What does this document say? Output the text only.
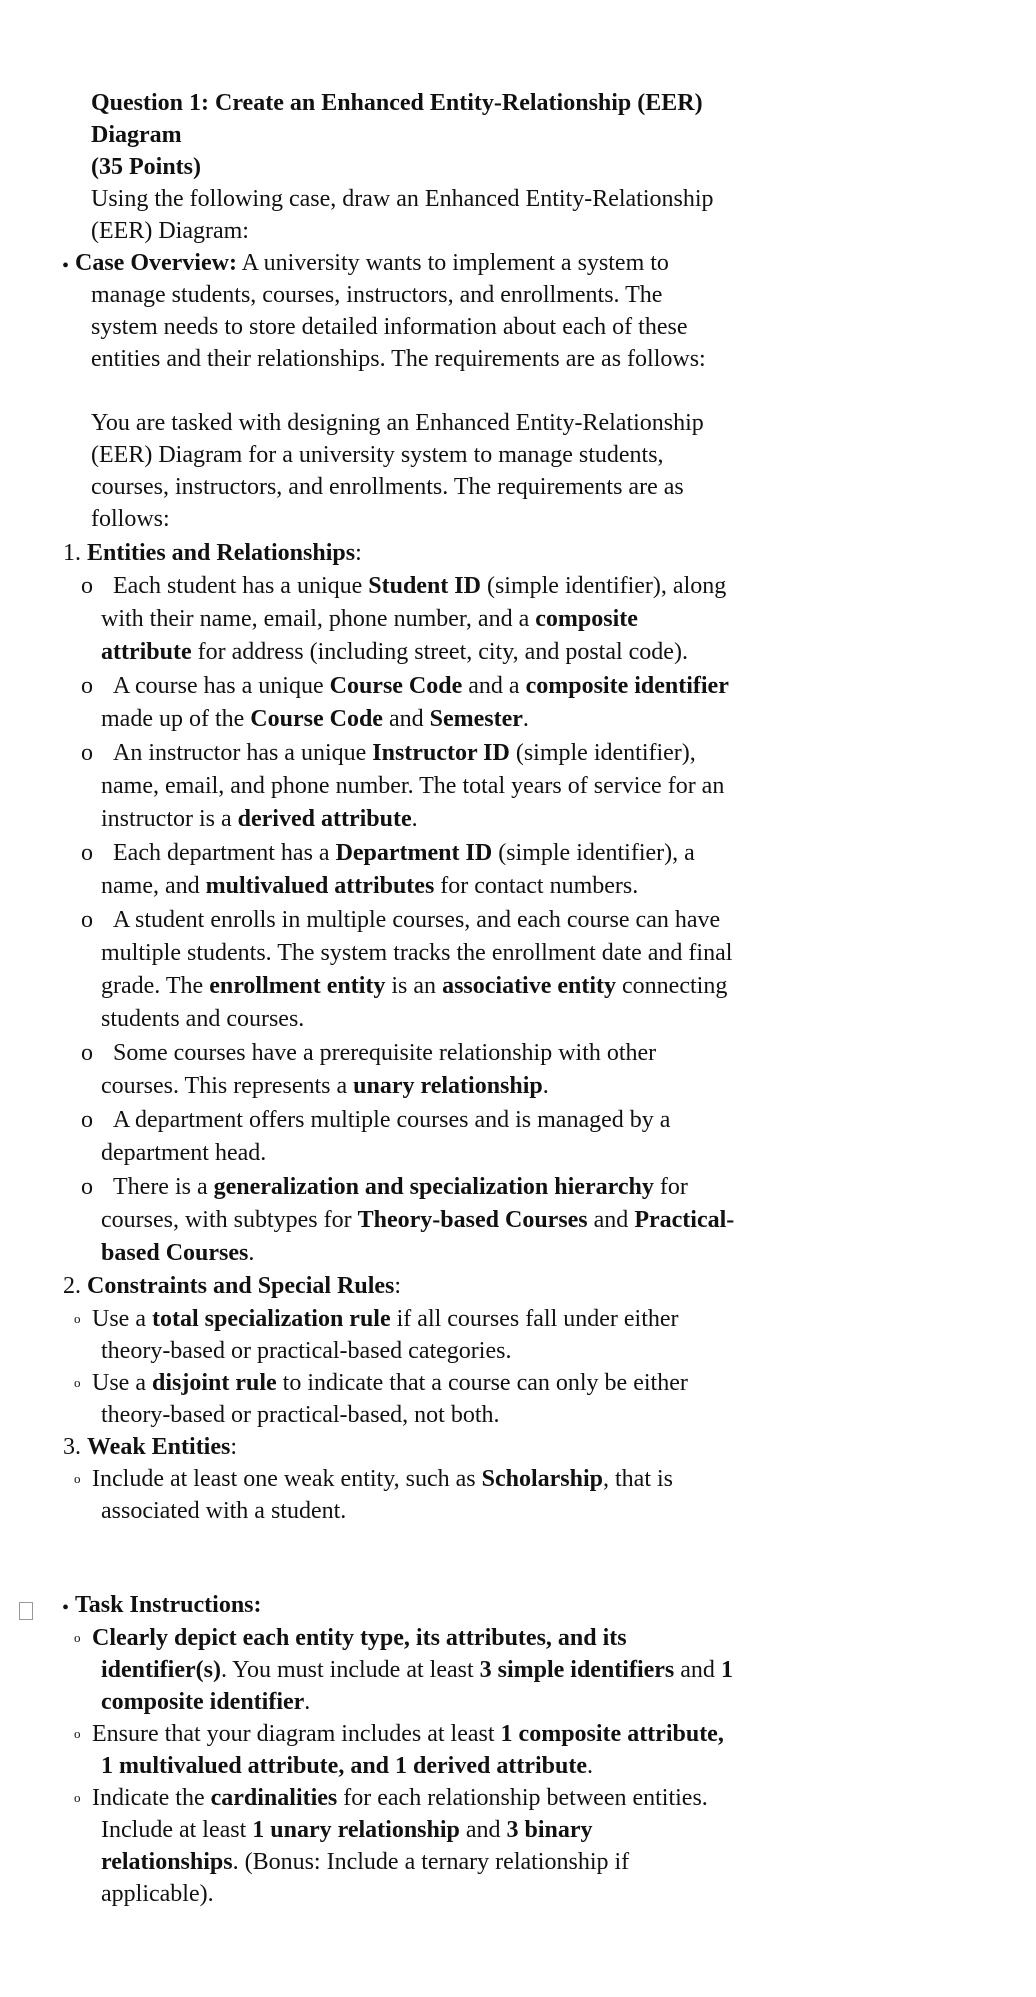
Question 1: Create an Enhanced Entity-Relationship (EER)
Diagram
(35 Points)
Using the following case, draw an Enhanced Entity-Relationship
(EER) Diagram:
• Case Overview: A university wants to implement a system to
manage students, courses, instructors, and enrollments. The
system needs to store detailed information about each of these
entities and their relationships. The requirements are as follows:
You are tasked with designing an Enhanced Entity-Relationship
(EER) Diagram for a university system to manage students,
courses, instructors, and enrollments. The requirements are as
follows:
1. Entities and Relationships:
o Each student has a unique Student ID (simple identifier), along
with their name, email, phone number, and a composite
attribute for address (including street, city, and postal code).
o A course has a unique Course Code and a composite identifier
made up of the Course Code and Semester.
o An instructor has a unique Instructor ID (simple identifier),
name, email, and phone number. The total years of service for an
instructor is a derived attribute.
o Each department has a Department ID (simple identifier), a
name, and multivalued attributes for contact numbers.
o A student enrolls in multiple courses, and each course can have
multiple students. The system tracks the enrollment date and final
grade. The enrollment entity is an associative entity connecting
students and courses.
o Some courses have a prerequisite relationship with other
courses. This represents a unary relationship.
o A department offers multiple courses and is managed by a
department head.
o There is a generalization and specialization hierarchy for
courses, with subtypes for Theory-based Courses and Practical-
based Courses.
2. Constraints and Special Rules:
o Use a total specialization rule if all courses fall under either
theory-based or practical-based categories.
o Use a disjoint rule to indicate that a course can only be either
theory-based or practical-based, not both.
3. Weak Entities:
o Include at least one weak entity, such as Scholarship, that is
associated with a student.
• Task Instructions:
o Clearly depict each entity type, its attributes, and its
identifier(s). You must include at least 3 simple identifiers and 1
composite identifier.
o Ensure that your diagram includes at least 1 composite attribute,
1 multivalued attribute, and 1 derived attribute.
o Indicate the cardinalities for each relationship between entities.
Include at least 1 unary relationship and 3 binary
relationships. (Bonus: Include a ternary relationship if
applicable).
